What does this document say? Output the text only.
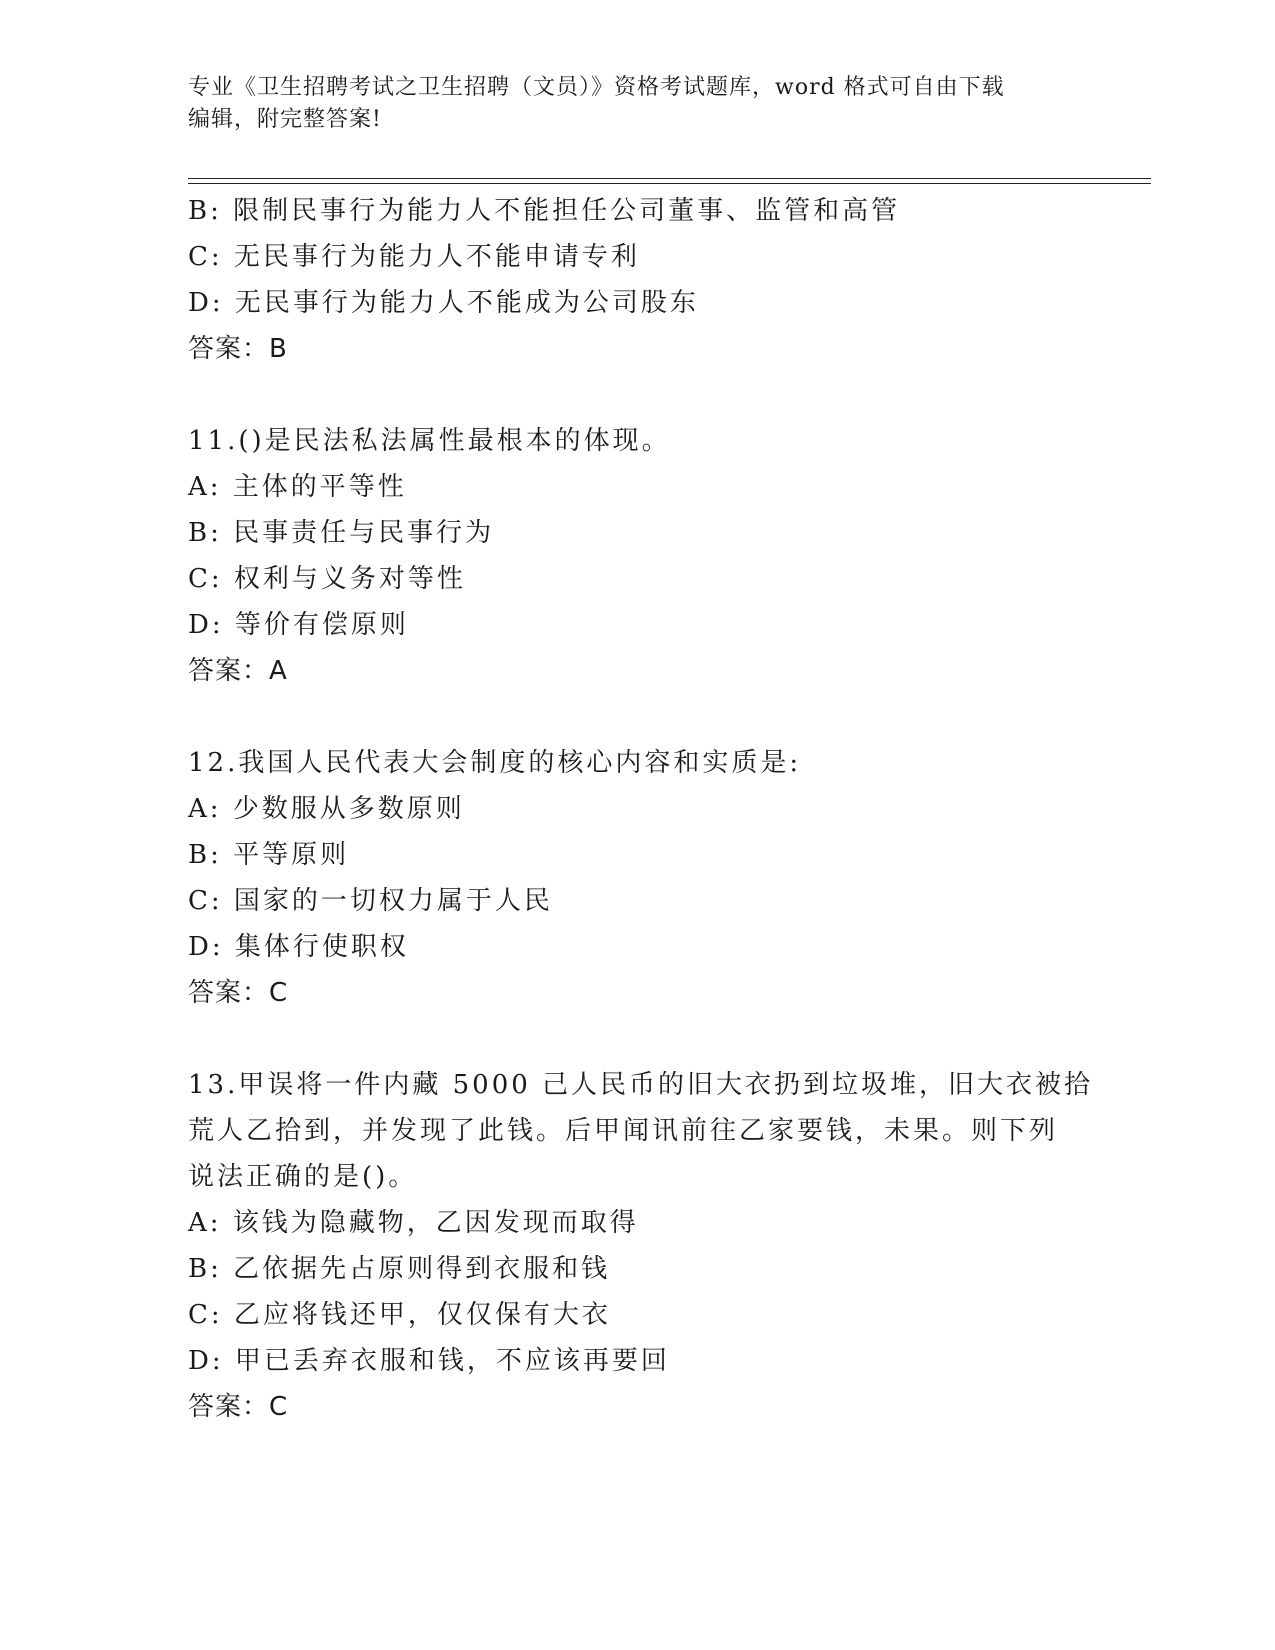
专业《卫生招聘考试之卫生招聘（文员）》资格考试题库，word 格式可自由下载
编辑，附完整答案!
B: 限制民事行为能力人不能担任公司董事、监管和高管
C: 无民事行为能力人不能申请专利
D: 无民事行为能力人不能成为公司股东
答案：B
11.()是民法私法属性最根本的体现。
A: 主体的平等性
B: 民事责任与民事行为
C: 权利与义务对等性
D: 等价有偿原则
答案：A
12.我国人民代表大会制度的核心内容和实质是:
A: 少数服从多数原则
B: 平等原则
C: 国家的一切权力属于人民
D: 集体行使职权
答案：C
13.甲误将一件内藏 5000 己人民币的旧大衣扔到垃圾堆，旧大衣被拾
荒人乙拾到，并发现了此钱。后甲闻讯前往乙家要钱，未果。则下列
说法正确的是()。
A: 该钱为隐藏物，乙因发现而取得
B: 乙依据先占原则得到衣服和钱
C: 乙应将钱还甲，仅仅保有大衣
D: 甲已丢弃衣服和钱，不应该再要回
答案：C
